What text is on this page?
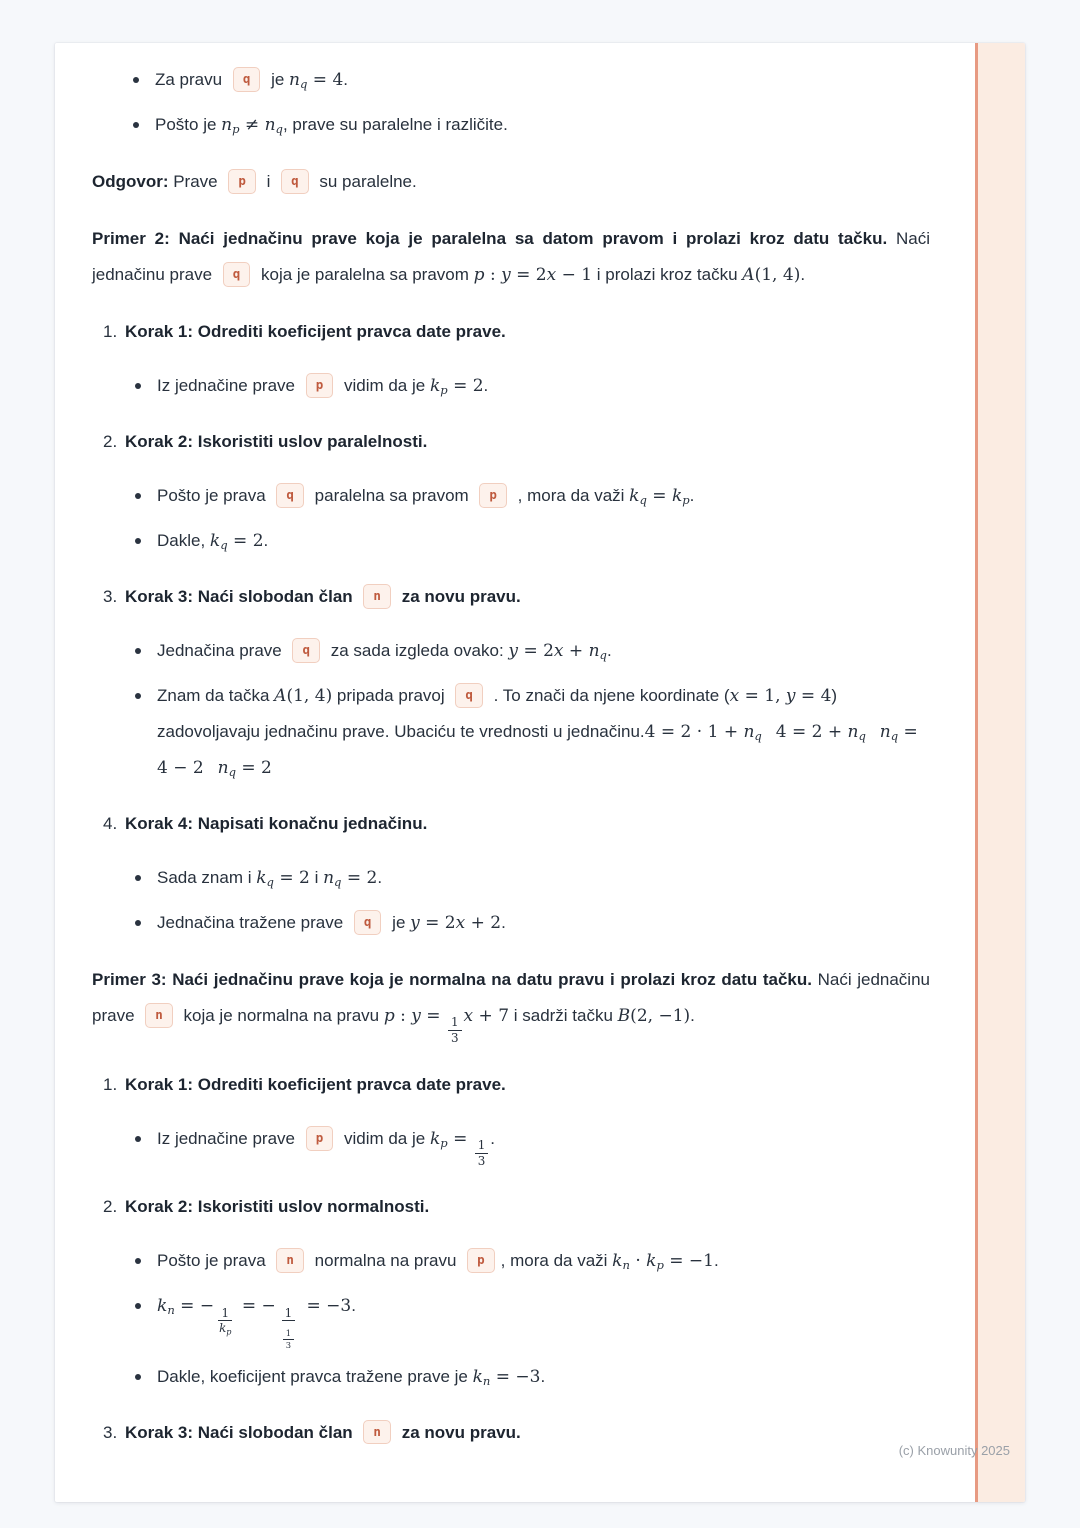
Za pravu q je $n_q = 4$.
Pošto je $n_p \ne n_q$, prave su paralelne i različite.
Odgovor: Prave p i q su paralelne.
Primer 2: Naći jednačinu prave koja je paralelna sa datom pravom i prolazi kroz datu tačku. Naći jednačinu prave q koja je paralelna sa pravom p : y = 2x − 1 i prolazi kroz tačku A(1, 4).
1. Korak 1: Odrediti koeficijent pravca date prave.
Iz jednačine prave p vidim da je $k_p = 2$.
2. Korak 2: Iskoristiti uslov paralelnosti.
Pošto je prava q paralelna sa pravom p , mora da važi $k_q = k_p$.
Dakle, $k_q = 2$.
3. Korak 3: Naći slobodan član n za novu pravu.
Jednačina prave q za sada izgleda ovako: $y = 2x + n_q$.
Znam da tačka A(1, 4) pripada pravoj q . To znači da njene koordinate (x = 1, y = 4) zadovoljavaju jednačinu prave. Ubaciću te vrednosti u jednačinu.4 = $2 \cdot 1 + n_q$  $4 = 2 + n_q$  $n_q = 4 - 2$  $n_q = 2$
4. Korak 4: Napisati konačnu jednačinu.
Sada znam i $k_q = 2$ i $n_q = 2$.
Jednačina tražene prave q je y = 2x + 2.
Primer 3: Naći jednačinu prave koja je normalna na datu pravu i prolazi kroz datu tačku. Naći jednačinu prave n koja je normalna na pravu p : $y = \frac{1}{3}$ x + 7 i sadrži tačku B(2, −1).
1. Korak 1: Odrediti koeficijent pravca date prave.
Iz jednačine prave p vidim da je $k_p = \frac{1}{3}$ .
2. Korak 2: Iskoristiti uslov normalnosti.
Pošto je prava n normalna na pravu p , mora da važi $k_n \cdot k_p = -1$.
$k_n$ = − $\frac{1}{k_p}$ = − $\frac{1}{\frac{1}{3}} = -3$.
Dakle, koeficijent pravca tražene prave je $k_n = -3$.
3. Korak 3: Naći slobodan član n za novu pravu.
(c) Knowunity 2025
